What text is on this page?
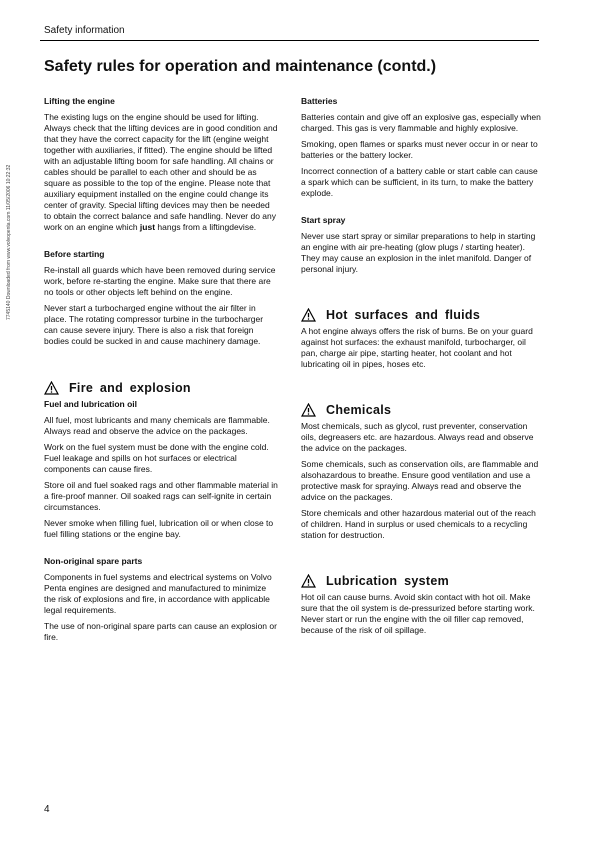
Safety information
Safety rules for operation and maintenance (contd.)
7745140 Downloaded from www.volvopenta.com 11/05/2006 10:22:32
Lifting the engine

The existing lugs on the engine should be used for lifting. Always check that the lifting devices are in good condition and that they have the correct capacity for the lift (engine weight together with auxiliaries, if fitted). The engine should be lifted with an adjustable lifting boom for safe handling. All chains or cables should be parallel to each other and should be as square as possible to the top of the engine. Please note that auxiliary equipment installed on the engine could change its center of gravity. Special lifting devices may then be needed to obtain the correct balance and safe handling. Never do any work on an engine which just hangs from a liftingdevise.

Before starting

Re-install all guards which have been removed during service work, before re-starting the engine. Make sure that there are no tools or other objects left behind on the engine.

Never start a turbocharged engine without the air filter in place. The rotating compressor turbine in the turbocharger can cause severe injury. There is also a risk that foreign bodies could be sucked in and cause machinery damage.

Fire and explosion
Fuel and lubrication oil

All fuel, most lubricants and many chemicals are flammable. Always read and observe the advice on the packages.

Work on the fuel system must be done with the engine cold. Fuel leakage and spills on hot surfaces or electrical components can cause fires.

Store oil and fuel soaked rags and other flammable material in a fire-proof manner. Oil soaked rags can self-ignite in certain circumstances.

Never smoke when filling fuel, lubrication oil or when close to fuel filling stations or the engine bay.

Non-original spare parts

Components in fuel systems and electrical systems on Volvo Penta engines are designed and manufactured to minimize the risk of explosions and fire, in accordance with applicable legal requirements.

The use of non-original spare parts can cause an explosion or fire.

Batteries

Batteries contain and give off an explosive gas, especially when charged. This gas is very flammable and highly explosive.

Smoking, open flames or sparks must never occur in or near to batteries or the battery locker.

Incorrect connection of a battery cable or start cable can cause a spark which can be sufficient, in its turn, to make the battery explode.

Start spray

Never use start spray or similar preparations to help in starting an engine with air pre-heating (glow plugs / starting heater). They may cause an explosion in the inlet manifold. Danger of personal injury.

Hot surfaces and fluids

A hot engine always offers the risk of burns. Be on your guard against hot surfaces: the exhaust manifold, turbocharger, oil pan, charge air pipe, starting heater, hot coolant and hot lubricating oil in pipes, hoses etc.

Chemicals

Most chemicals, such as glycol, rust preventer, conservation oils, degreasers etc. are hazardous. Always read and observe the advice on the packages.

Some chemicals, such as conservation oils, are flammable and alsohazardous to breathe. Ensure good ventilation and use a protective mask for spraying. Always read and observe the advice on the packages.

Store chemicals and other hazardous material out of the reach of children. Hand in surplus or used chemicals to a recycling station for destruction.

Lubrication system

Hot oil can cause burns. Avoid skin contact with hot oil. Make sure that the oil system is de-pressurized before starting work. Never start or run the engine with the oil filler cap removed, because of the risk of oil spillage.

4
